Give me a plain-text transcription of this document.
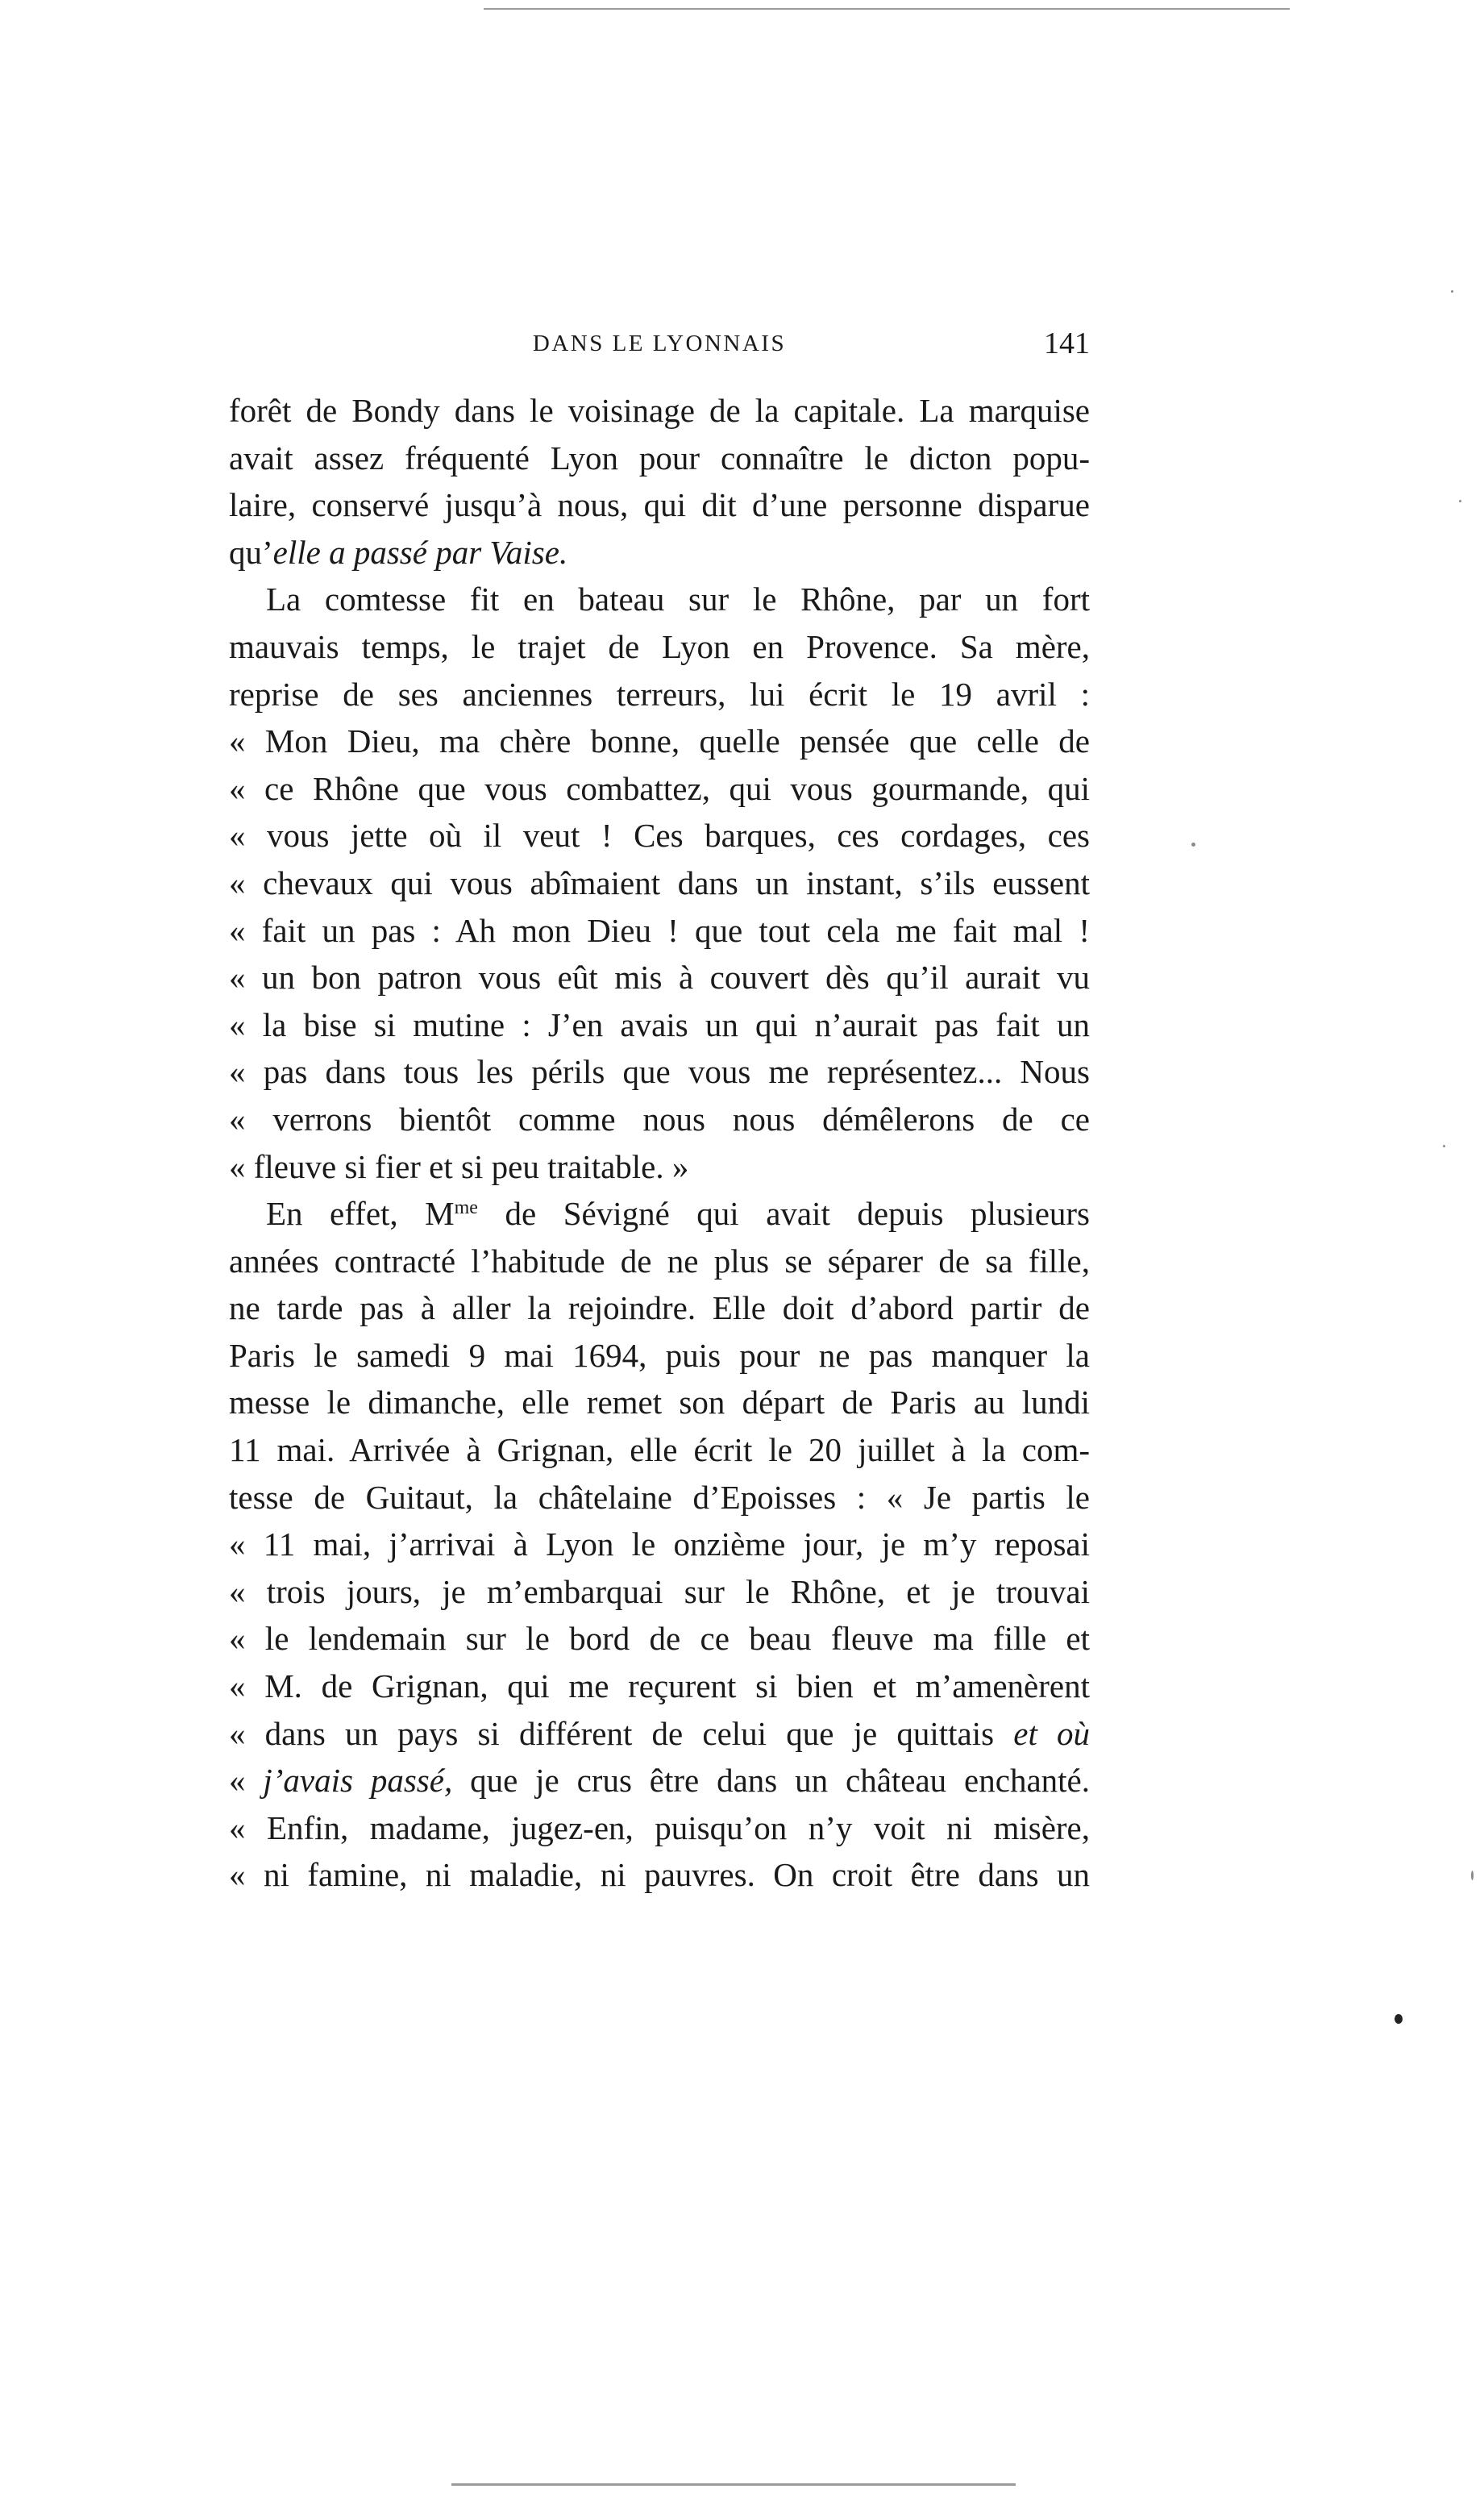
DANS LE LYONNAIS	141
forêt de Bondy dans le voisinage de la capitale. La marquise
avait assez fréquenté Lyon pour connaître le dicton popu-
laire, conservé jusqu’à nous, qui dit d’une personne disparue
qu’elle a passé par Vaise.
La comtesse fit en bateau sur le Rhône, par un fort
mauvais temps, le trajet de Lyon en Provence. Sa mère,
reprise de ses anciennes terreurs, lui écrit le 19 avril :
« Mon Dieu, ma chère bonne, quelle pensée que celle de
« ce Rhône que vous combattez, qui vous gourmande, qui
« vous jette où il veut ! Ces barques, ces cordages, ces
« chevaux qui vous abîmaient dans un instant, s’ils eussent
« fait un pas : Ah mon Dieu ! que tout cela me fait mal !
« un bon patron vous eût mis à couvert dès qu’il aurait vu
« la bise si mutine : J’en avais un qui n’aurait pas fait un
« pas dans tous les périls que vous me représentez... Nous
« verrons bientôt comme nous nous démêlerons de ce
« fleuve si fier et si peu traitable. »
En effet, $M^{me}$ de Sévigné qui avait depuis plusieurs
années contracté l’habitude de ne plus se séparer de sa fille,
ne tarde pas à aller la rejoindre. Elle doit d’abord partir de
Paris le samedi 9 mai 1694, puis pour ne pas manquer la
messe le dimanche, elle remet son départ de Paris au lundi
11 mai. Arrivée à Grignan, elle écrit le 20 juillet à la com-
tesse de Guitaut, la châtelaine d’Epoisses : « Je partis le
« 11 mai, j’arrivai à Lyon le onzième jour, je m’y reposai
« trois jours, je m’embarquai sur le Rhône, et je trouvai
« le lendemain sur le bord de ce beau fleuve ma fille et
« M. de Grignan, qui me reçurent si bien et m’amenèrent
« dans un pays si différent de celui que je quittais et où
« j’avais passé, que je crus être dans un château enchanté.
« Enfin, madame, jugez-en, puisqu’on n’y voit ni misère,
« ni famine, ni maladie, ni pauvres. On croit être dans un
